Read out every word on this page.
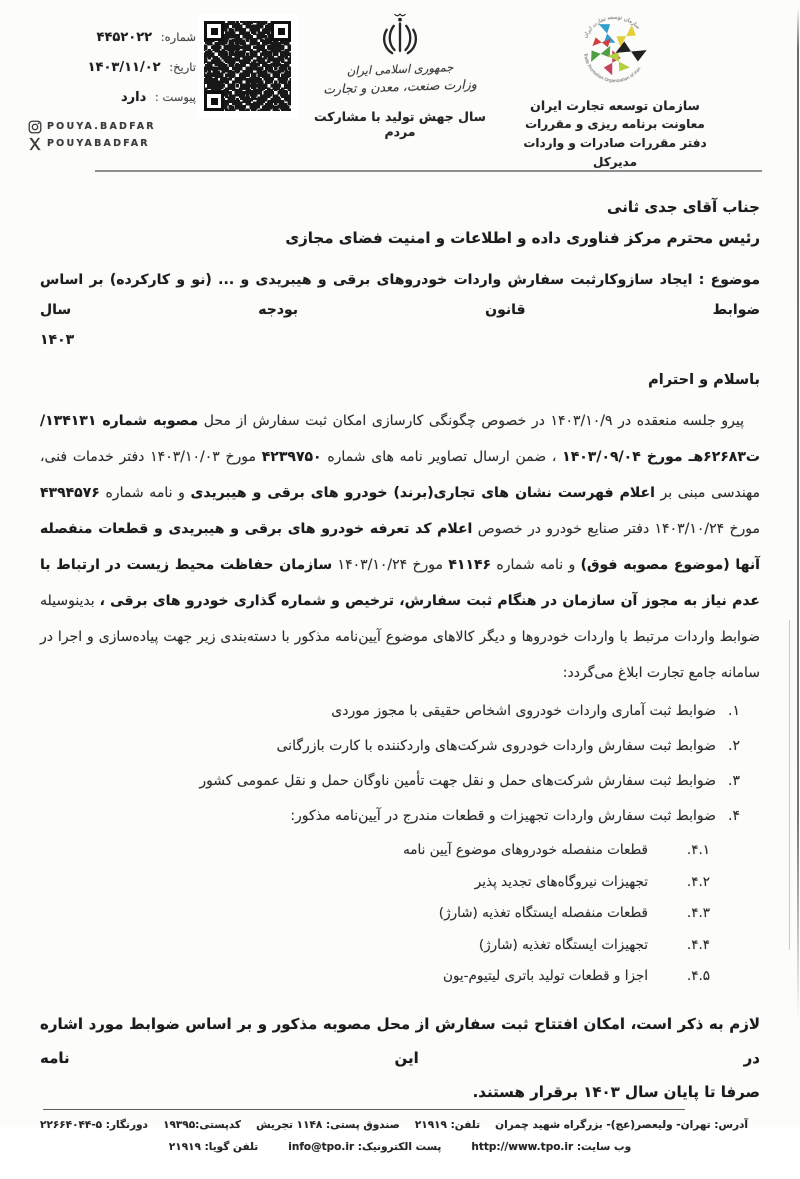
شماره: ۴۴۵۲۰۲۲
تاریخ: ۱۴۰۳/۱۱/۰۲
پیوست : دارد
POUYA.BADFAR
POUYABADFAR
جمهوری اسلامی ایران
وزارت صنعت، معدن و تجارت
سال جهش تولید با مشارکت مردم
سازمان توسعه تجارت ایران
Trade Promotion Organization of Iran
سازمان توسعه تجارت ایران
معاونت برنامه ریزی و مقررات
دفتر مقررات صادرات و واردات
مدیرکل
جناب آقای جدی ثانی
رئیس محترم مرکز فناوری داده و اطلاعات و امنیت فضای مجازی
موضوع : ایجاد سازوکارثبت سفارش واردات خودروهای برقی و هیبریدی و ... (نو و کارکرده) بر اساس ضوابط قانون بودجه سال
۱۴۰۳
باسلام و احترام

پیرو جلسه منعقده در ۱۴۰۳/۱۰/۹ در خصوص چگونگی کارسازی امکان ثبت سفارش از محل مصوبه شماره ۱۳۴۱۳۱/ت۶۲۶۸۳هـ مورخ ۱۴۰۳/۰۹/۰۴ ، ضمن ارسال تصاویر نامه های شماره ۴۲۳۹۷۵۰ مورخ ۱۴۰۳/۱۰/۰۳ دفتر خدمات فنی، مهندسی مبنی بر اعلام فهرست نشان های تجاری(برند) خودرو های برقی و هیبریدی و نامه شماره ۴۳۹۴۵۷۶ مورخ ۱۴۰۳/۱۰/۲۴ دفتر صنایع خودرو در خصوص اعلام کد تعرفه خودرو های برقی و هیبریدی و قطعات منفصله آنها (موضوع مصوبه فوق) و نامه شماره ۴۱۱۴۶ مورخ ۱۴۰۳/۱۰/۲۴ سازمان حفاظت محیط زیست در ارتباط با عدم نیاز به مجوز آن سازمان در هنگام ثبت سفارش، ترخیص و شماره گذاری خودرو های برقی ، بدینوسیله ضوابط واردات مرتبط با واردات خودروها و دیگر کالاهای موضوع آیین‌نامه مذکور با دسته‌بندی زیر جهت پیاده‌سازی و اجرا در سامانه جامع تجارت ابلاغ می‌گردد:

۱.
ضوابط ثبت آماری واردات خودروی اشخاص حقیقی با مجوز موردی
۲.
ضوابط ثبت سفارش واردات خودروی شرکت‌های واردکننده با کارت بازرگانی
۳.
ضوابط ثبت سفارش شرکت‌های حمل و نقل جهت تأمین ناوگان حمل و نقل عمومی کشور
۴.
ضوابط ثبت سفارش واردات تجهیزات و قطعات مندرج در آیین‌نامه مذکور:
۴.۱.
قطعات منفصله خودروهای موضوع آیین نامه
۴.۲.
تجهیزات نیروگاه‌های تجدید پذیر
۴.۳.
قطعات منفصله ایستگاه تغذیه (شارژ)
۴.۴.
تجهیزات ایستگاه تغذیه (شارژ)
۴.۵.
اجزا و قطعات تولید باتری لیتیوم-یون
لازم به ذکر است، امکان افتتاح ثبت سفارش از محل مصوبه مذکور و بر اساس ضوابط مورد اشاره در این نامه
صرفا تا پایان سال ۱۴۰۳ برقرار هستند.
آدرس: تهران- ولیعصر(عج)- بزرگراه شهید چمران
تلفن: ۲۱۹۱۹
صندوق پستی: ۱۱۴۸ تجریش
کدپستی:۱۹۳۹۵
دورنگار: ۵-۲۲۶۶۴۰۴۴
وب سایت: http://www.tpo.ir
پست الکترونیک: info@tpo.ir
تلفن گویا: ۲۱۹۱۹
